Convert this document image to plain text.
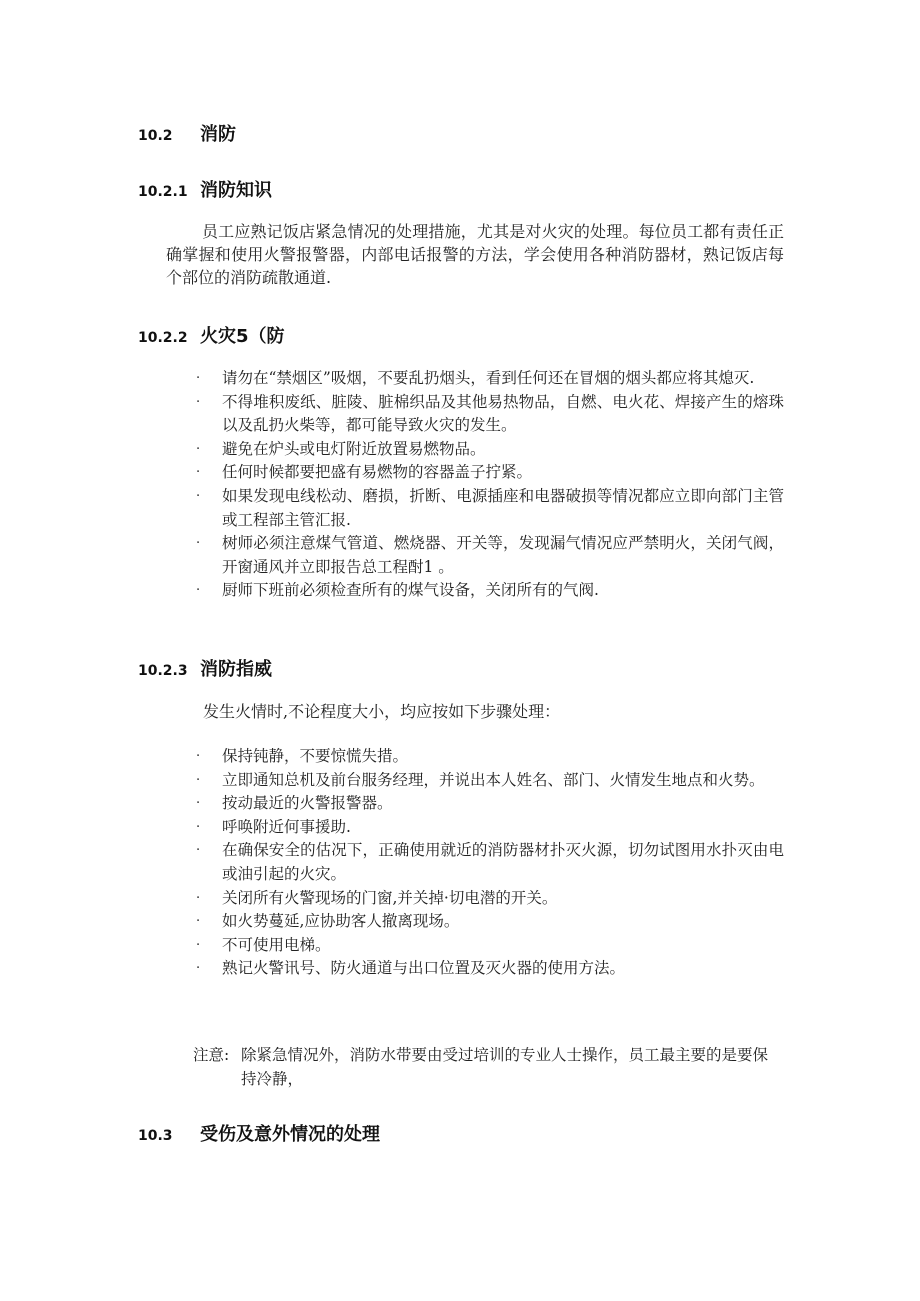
10.2	消防
10.2.1 消防知识
员工应熟记饭店紧急情况的处理措施，尤其是对火灾的处理。每位员工都有责任正确掌握和使用火警报警器，内部电话报警的方法，学会使用各种消防器材，熟记饭店每个部位的消防疏散通道.
10.2.2 火灾5（防
·	请勿在“禁烟区”吸烟，不要乱扔烟头，看到任何还在冒烟的烟头都应将其熄灭.
·	不得堆积废纸、脏陵、脏棉织品及其他易热物品，自燃、电火花、焊接产生的熔珠以及乱扔火柴等，都可能导致火灾的发生。
·	避免在炉头或电灯附近放置易燃物品。
·	任何时候都要把盛有易燃物的容器盖子拧紧。
·	如果发现电线松动、磨损，折断、电源插座和电器破损等情况都应立即向部门主管或工程部主管汇报.
·	树师必须注意煤气管道、燃烧器、开关等，发现漏气情况应严禁明火，关闭气阀，开窗通风并立即报告总工程酎1 。
·	厨师下班前必须检查所有的煤气设备，关闭所有的气阀.
10.2.3 消防指威
发生火情时,不论程度大小，均应按如下步骤处理：
·	保持钝静，不要惊慌失措。
·	立即通知总机及前台服务经理，并说出本人姓名、部门、火情发生地点和火势。
·	按动最近的火警报警器。
·	呼唤附近何事援助.
·	在确保安全的估况下，正确使用就近的消防器材扑灭火源，切勿试图用水扑灭由电或油引起的火灾。
·	关闭所有火警现场的门窗,并关掉·切电潜的开关。
·	如火势蔓延,应协助客人撤离现场。
·	不可使用电梯。
·	熟记火警讯号、防火通道与出口位置及灭火器的使用方法。
注意: 除紧急情况外，消防水带要由受过培训的专业人士操作，员工最主要的是要保持冷静，
10.3	受伤及意外情况的处理
